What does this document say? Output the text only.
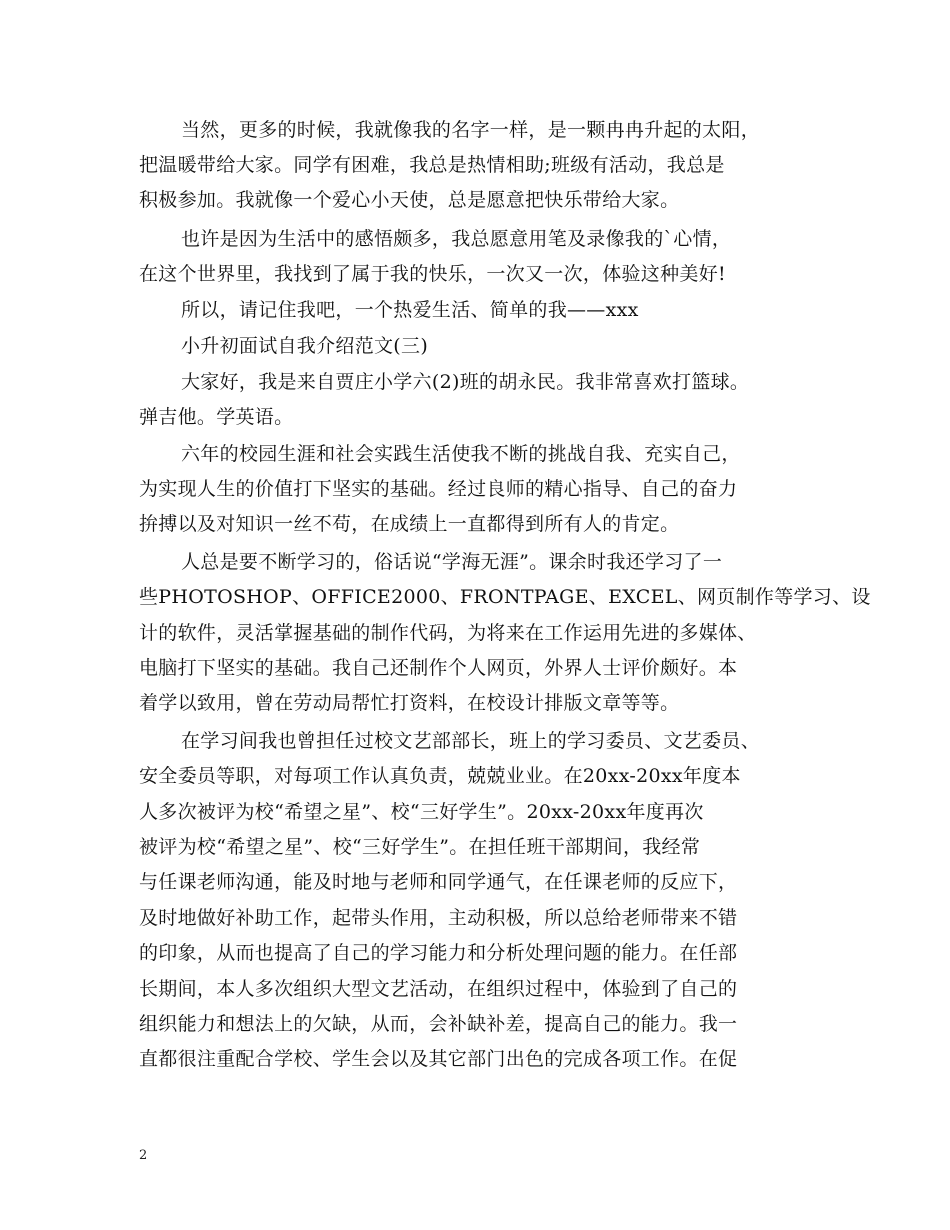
当然，更多的时候，我就像我的名字一样，是一颗冉冉升起的太阳，
把温暖带给大家。同学有困难，我总是热情相助;班级有活动，我总是
积极参加。我就像一个爱心小天使，总是愿意把快乐带给大家。
也许是因为生活中的感悟颇多，我总愿意用笔及录像我的`心情，
在这个世界里，我找到了属于我的快乐，一次又一次，体验这种美好!
所以，请记住我吧，一个热爱生活、简单的我——xxx
小升初面试自我介绍范文(三)
大家好，我是来自贾庄小学六(2)班的胡永民。我非常喜欢打篮球。
弹吉他。学英语。
六年的校园生涯和社会实践生活使我不断的挑战自我、充实自己，
为实现人生的价值打下坚实的基础。经过良师的精心指导、自己的奋力
拚搏以及对知识一丝不苟，在成绩上一直都得到所有人的肯定。
人总是要不断学习的，俗话说“学海无涯”。课余时我还学习了一
些PHOTOSHOP、OFFICE2000、FRONTPAGE、EXCEL、网页制作等学习、设
计的软件，灵活掌握基础的制作代码，为将来在工作运用先进的多媒体、
电脑打下坚实的基础。我自己还制作个人网页，外界人士评价颇好。本
着学以致用，曾在劳动局帮忙打资料，在校设计排版文章等等。
在学习间我也曾担任过校文艺部部长，班上的学习委员、文艺委员、
安全委员等职，对每项工作认真负责，兢兢业业。在20xx-20xx年度本
人多次被评为校“希望之星”、校“三好学生”。20xx-20xx年度再次
被评为校“希望之星”、校“三好学生”。在担任班干部期间，我经常
与任课老师沟通，能及时地与老师和同学通气，在任课老师的反应下，
及时地做好补助工作，起带头作用，主动积极，所以总给老师带来不错
的印象，从而也提高了自己的学习能力和分析处理问题的能力。在任部
长期间，本人多次组织大型文艺活动，在组织过程中，体验到了自己的
组织能力和想法上的欠缺，从而，会补缺补差，提高自己的能力。我一
直都很注重配合学校、学生会以及其它部门出色的完成各项工作。在促
2
